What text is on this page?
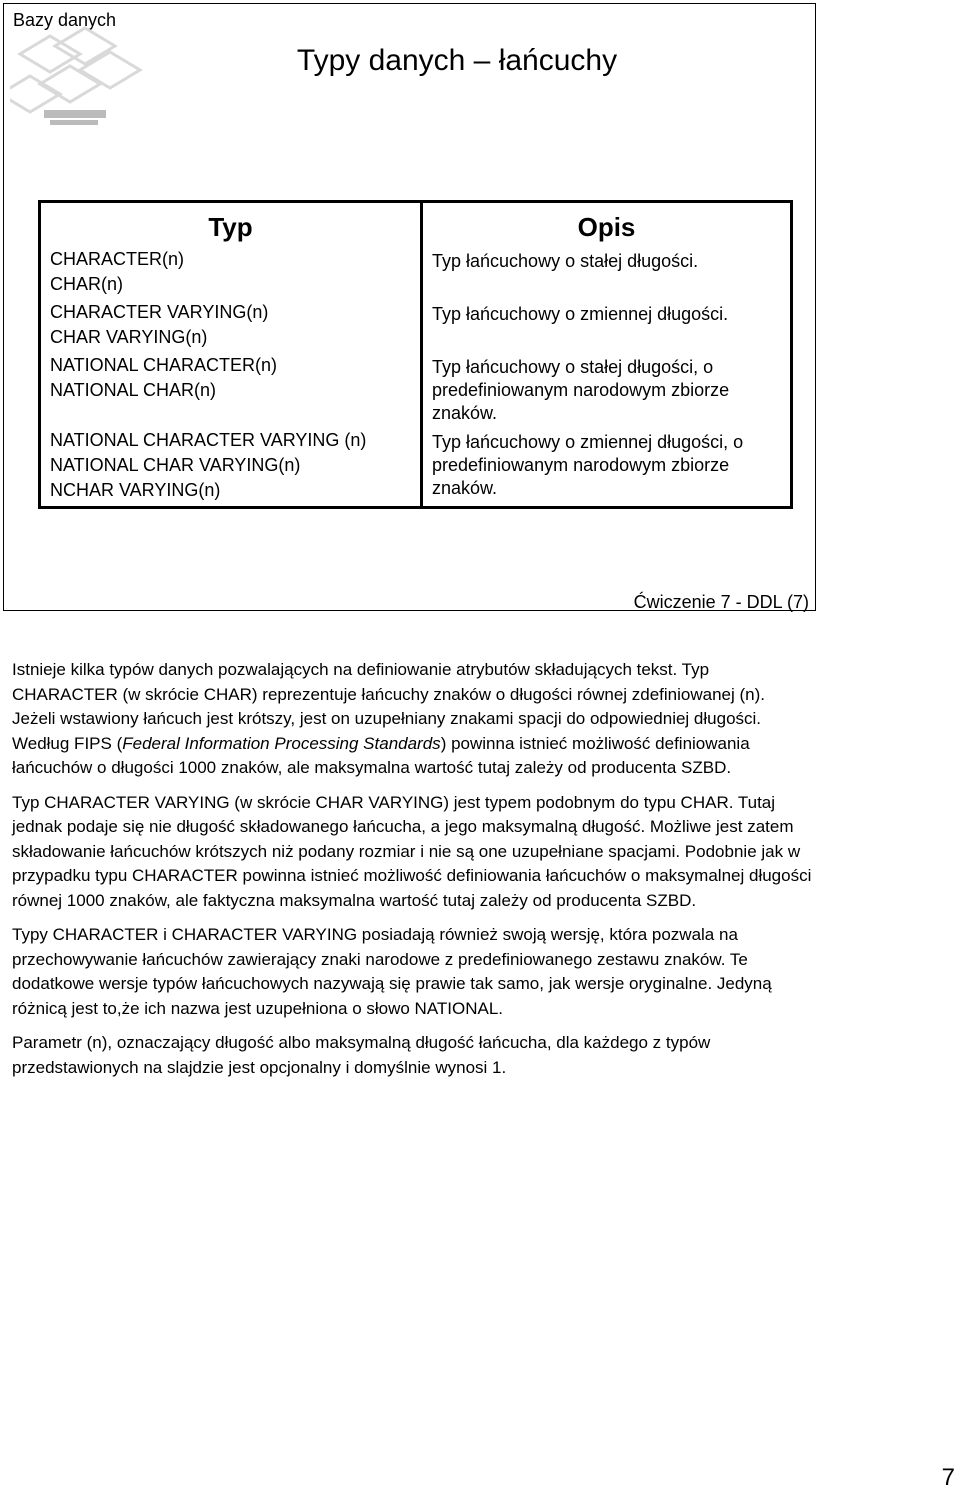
Bazy danych
Typy danych – łańcuchy
Typ	Opis

CHARACTER(n)
CHAR(n)	Typ łańcuchowy o stałej długości.

CHARACTER VARYING(n)
CHAR VARYING(n)	Typ łańcuchowy o zmiennej długości.

NATIONAL CHARACTER(n)
NATIONAL CHAR(n)	Typ łańcuchowy o stałej długości, o predefiniowanym narodowym zbiorze znaków.

NATIONAL CHARACTER VARYING (n)
NATIONAL CHAR VARYING(n)
NCHAR VARYING(n)	Typ łańcuchowy o zmiennej długości, o predefiniowanym narodowym zbiorze znaków.
Ćwiczenie 7 - DDL (7)

Istnieje kilka typów danych pozwalających na definiowanie atrybutów składujących tekst. Typ CHARACTER (w skrócie CHAR) reprezentuje łańcuchy znaków o długości równej zdefiniowanej (n). Jeżeli wstawiony łańcuch jest krótszy, jest on uzupełniany znakami spacji do odpowiedniej długości. Według FIPS (Federal Information Processing Standards) powinna istnieć możliwość definiowania łańcuchów o długości 1000 znaków, ale maksymalna wartość tutaj zależy od producenta SZBD.

Typ CHARACTER VARYING (w skrócie CHAR VARYING) jest typem podobnym do typu CHAR. Tutaj jednak podaje się nie długość składowanego łańcucha, a jego maksymalną długość. Możliwe jest zatem składowanie łańcuchów krótszych niż podany rozmiar i nie są one uzupełniane spacjami. Podobnie jak w przypadku typu CHARACTER powinna istnieć możliwość definiowania łańcuchów o maksymalnej długości równej 1000 znaków, ale faktyczna maksymalna wartość tutaj zależy od producenta SZBD.

Typy CHARACTER i CHARACTER VARYING posiadają również swoją wersję, która pozwala na przechowywanie łańcuchów zawierający znaki narodowe z predefiniowanego zestawu znaków. Te dodatkowe wersje typów łańcuchowych nazywają się prawie tak samo, jak wersje oryginalne. Jedyną różnicą jest to,że ich nazwa jest uzupełniona o słowo NATIONAL.

Parametr (n), oznaczający długość albo maksymalną długość łańcucha, dla każdego z typów przedstawionych na slajdzie jest opcjonalny i domyślnie wynosi 1.

7
